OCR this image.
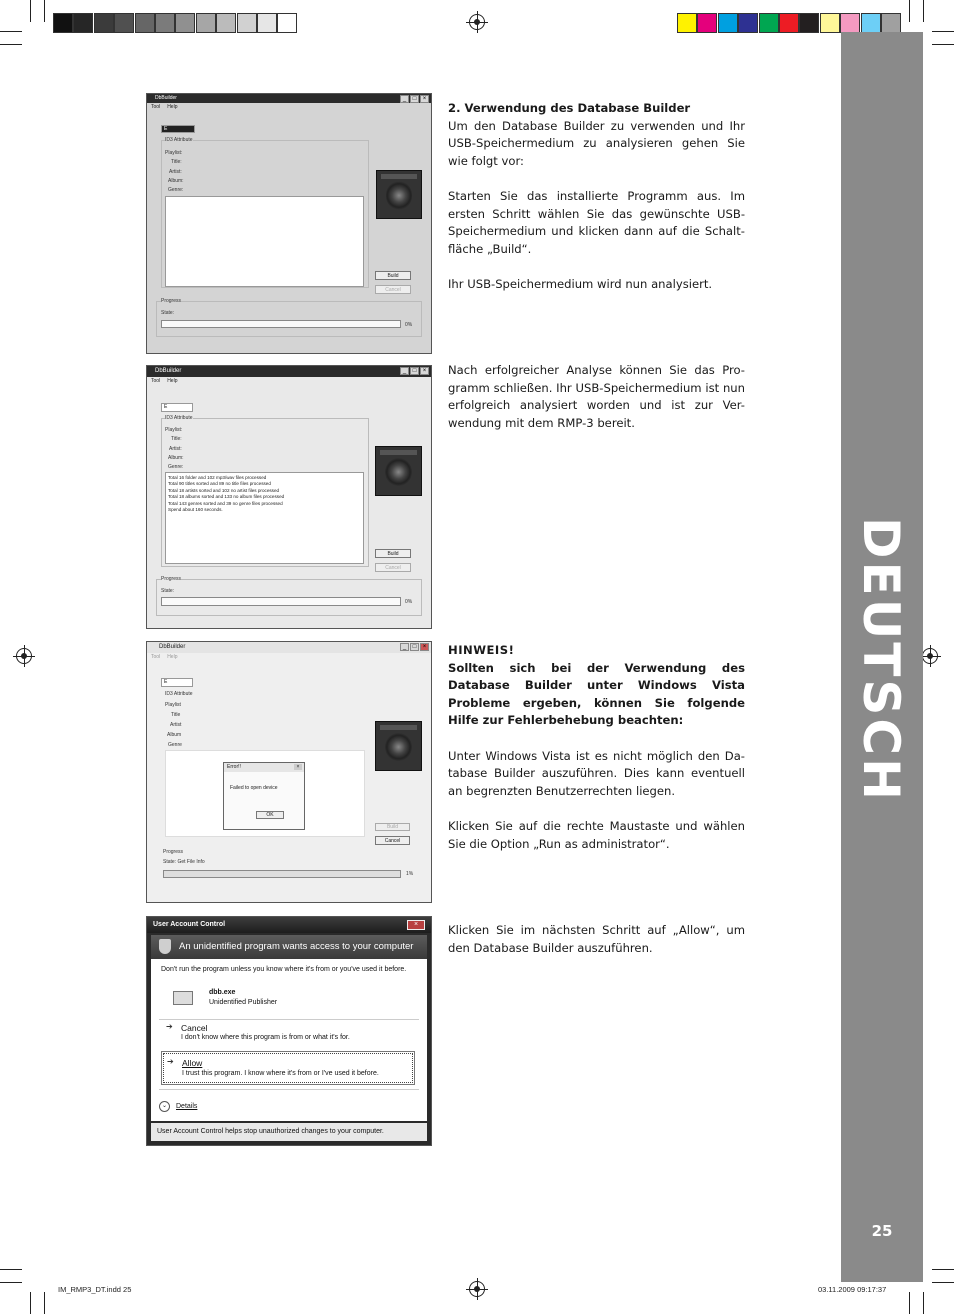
DEUTSCH
25
2. Verwendung des Database Builder

Um den Database Builder zu verwenden und Ihr USB-Speichermedium zu analysieren gehen Sie wie folgt vor:

Starten Sie das installierte Programm aus. Im ersten Schritt wählen Sie das gewünschte USB-Speichermedium und klicken dann auf die Schalt-fläche „Build“.

Ihr USB-Speichermedium wird nun analysiert.

Nach erfolgreicher Analyse können Sie das Pro-gramm schließen. Ihr USB-Speichermedium ist nun erfolgreich analysiert worden und ist zur Ver-wendung mit dem RMP-3 bereit.

HINWEIS!

Sollten sich bei der Verwendung des Database Builder unter Windows Vista Probleme ergeben, können Sie folgende Hilfe zur Fehlerbehebung beachten:

Unter Windows Vista ist es nicht möglich den Da-tabase Builder auszuführen. Dies kann eventuell an begrenzten Benutzerrechten liegen.

Klicken Sie auf die rechte Maustaste und wählen Sie die Option „Run as administrator“.

Klicken Sie im nächsten Schritt auf „Allow“, um den Database Builder auszuführen.

DbBuilder	_	□	×
Tool Help
E
ID3 Attribute
Playlist:
Title:
Artist:
Album:
Genre:
Build
Cancel
Progress
State:
0%
DbBuilder	_	□	×
Tool Help
E
ID3 Attribute
Playlist:
Title:
Artist:
Album:
Genre:
Total 16 folder and 102 mp3/wav files processed
Total 90 titles sorted and 89 no title files processed
Total 18 artists sorted and 102 no artist files processed
Total 18 albums sorted and 133 no album files processed
Total 143 genres sorted and 39 no genre files processed
Spend about 160 seconds.
Build
Cancel
Progress
State:
0%
DbBuilder	_	□	×
Tool Help
E
ID3 Attribute
Playlist
Title
Artist
Album
Genre
Error!!	×
Failed to open device
OK
Build
Cancel
Progress
State: Get File Info
1%
User Account Control	×
An unidentified program wants access to your computer
Don't run the program unless you know where it's from or you've used it before.
dbb.exe
Unidentified Publisher
➔ Cancel
I don't know where this program is from or what it's for.
➔ Allow
I trust this program. I know where it's from or I've used it before.
⌄	Details
User Account Control helps stop unauthorized changes to your computer.
IM_RMP3_DT.indd 25	03.11.2009 09:17:37
